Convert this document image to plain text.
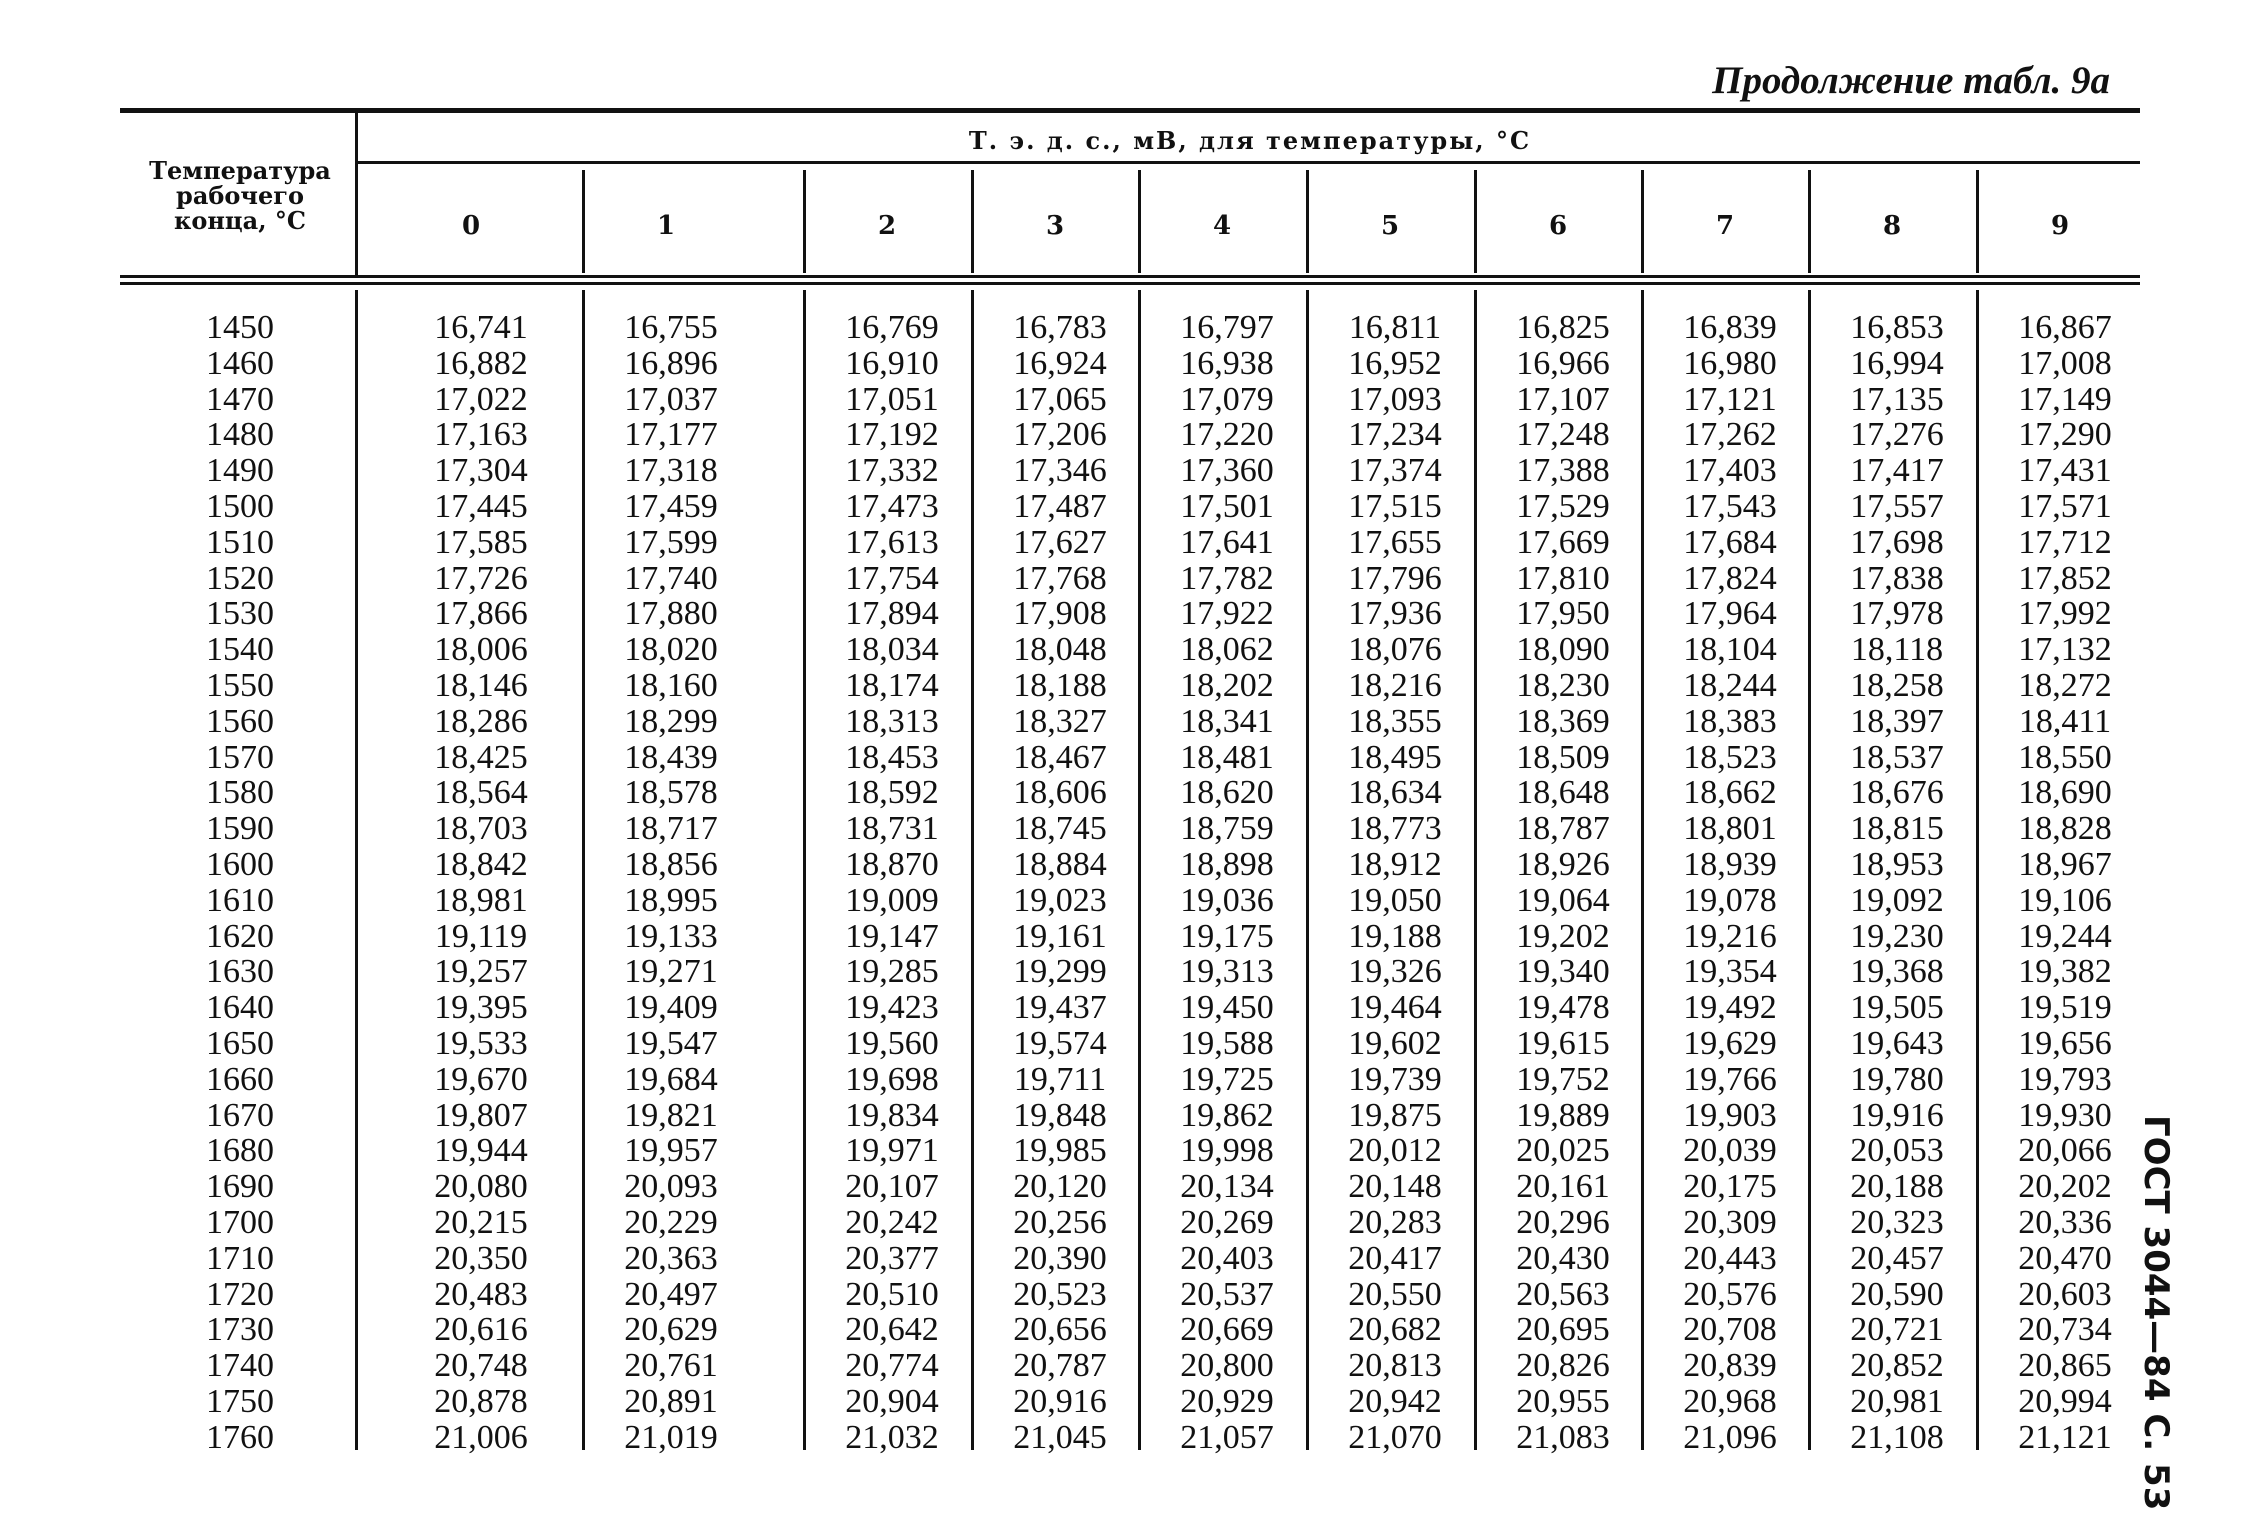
Продолжение табл. 9а
Температура
рабочего
конца, °С
Т. э. д. с., мВ, для температуры, °С
0	1	2	3	4	5	6	7	8	9
1450	16,741	16,755	16,769	16,783	16,797	16,811	16,825	16,839	16,853	16,867
1460	16,882	16,896	16,910	16,924	16,938	16,952	16,966	16,980	16,994	17,008
1470	17,022	17,037	17,051	17,065	17,079	17,093	17,107	17,121	17,135	17,149
1480	17,163	17,177	17,192	17,206	17,220	17,234	17,248	17,262	17,276	17,290
1490	17,304	17,318	17,332	17,346	17,360	17,374	17,388	17,403	17,417	17,431
1500	17,445	17,459	17,473	17,487	17,501	17,515	17,529	17,543	17,557	17,571
1510	17,585	17,599	17,613	17,627	17,641	17,655	17,669	17,684	17,698	17,712
1520	17,726	17,740	17,754	17,768	17,782	17,796	17,810	17,824	17,838	17,852
1530	17,866	17,880	17,894	17,908	17,922	17,936	17,950	17,964	17,978	17,992
1540	18,006	18,020	18,034	18,048	18,062	18,076	18,090	18,104	18,118	17,132
1550	18,146	18,160	18,174	18,188	18,202	18,216	18,230	18,244	18,258	18,272
1560	18,286	18,299	18,313	18,327	18,341	18,355	18,369	18,383	18,397	18,411
1570	18,425	18,439	18,453	18,467	18,481	18,495	18,509	18,523	18,537	18,550
1580	18,564	18,578	18,592	18,606	18,620	18,634	18,648	18,662	18,676	18,690
1590	18,703	18,717	18,731	18,745	18,759	18,773	18,787	18,801	18,815	18,828
1600	18,842	18,856	18,870	18,884	18,898	18,912	18,926	18,939	18,953	18,967
1610	18,981	18,995	19,009	19,023	19,036	19,050	19,064	19,078	19,092	19,106
1620	19,119	19,133	19,147	19,161	19,175	19,188	19,202	19,216	19,230	19,244
1630	19,257	19,271	19,285	19,299	19,313	19,326	19,340	19,354	19,368	19,382
1640	19,395	19,409	19,423	19,437	19,450	19,464	19,478	19,492	19,505	19,519
1650	19,533	19,547	19,560	19,574	19,588	19,602	19,615	19,629	19,643	19,656
1660	19,670	19,684	19,698	19,711	19,725	19,739	19,752	19,766	19,780	19,793
1670	19,807	19,821	19,834	19,848	19,862	19,875	19,889	19,903	19,916	19,930
1680	19,944	19,957	19,971	19,985	19,998	20,012	20,025	20,039	20,053	20,066
1690	20,080	20,093	20,107	20,120	20,134	20,148	20,161	20,175	20,188	20,202
1700	20,215	20,229	20,242	20,256	20,269	20,283	20,296	20,309	20,323	20,336
1710	20,350	20,363	20,377	20,390	20,403	20,417	20,430	20,443	20,457	20,470
1720	20,483	20,497	20,510	20,523	20,537	20,550	20,563	20,576	20,590	20,603
1730	20,616	20,629	20,642	20,656	20,669	20,682	20,695	20,708	20,721	20,734
1740	20,748	20,761	20,774	20,787	20,800	20,813	20,826	20,839	20,852	20,865
1750	20,878	20,891	20,904	20,916	20,929	20,942	20,955	20,968	20,981	20,994
1760	21,006	21,019	21,032	21,045	21,057	21,070	21,083	21,096	21,108	21,121 ГОСТ 3044—84 С. 53
